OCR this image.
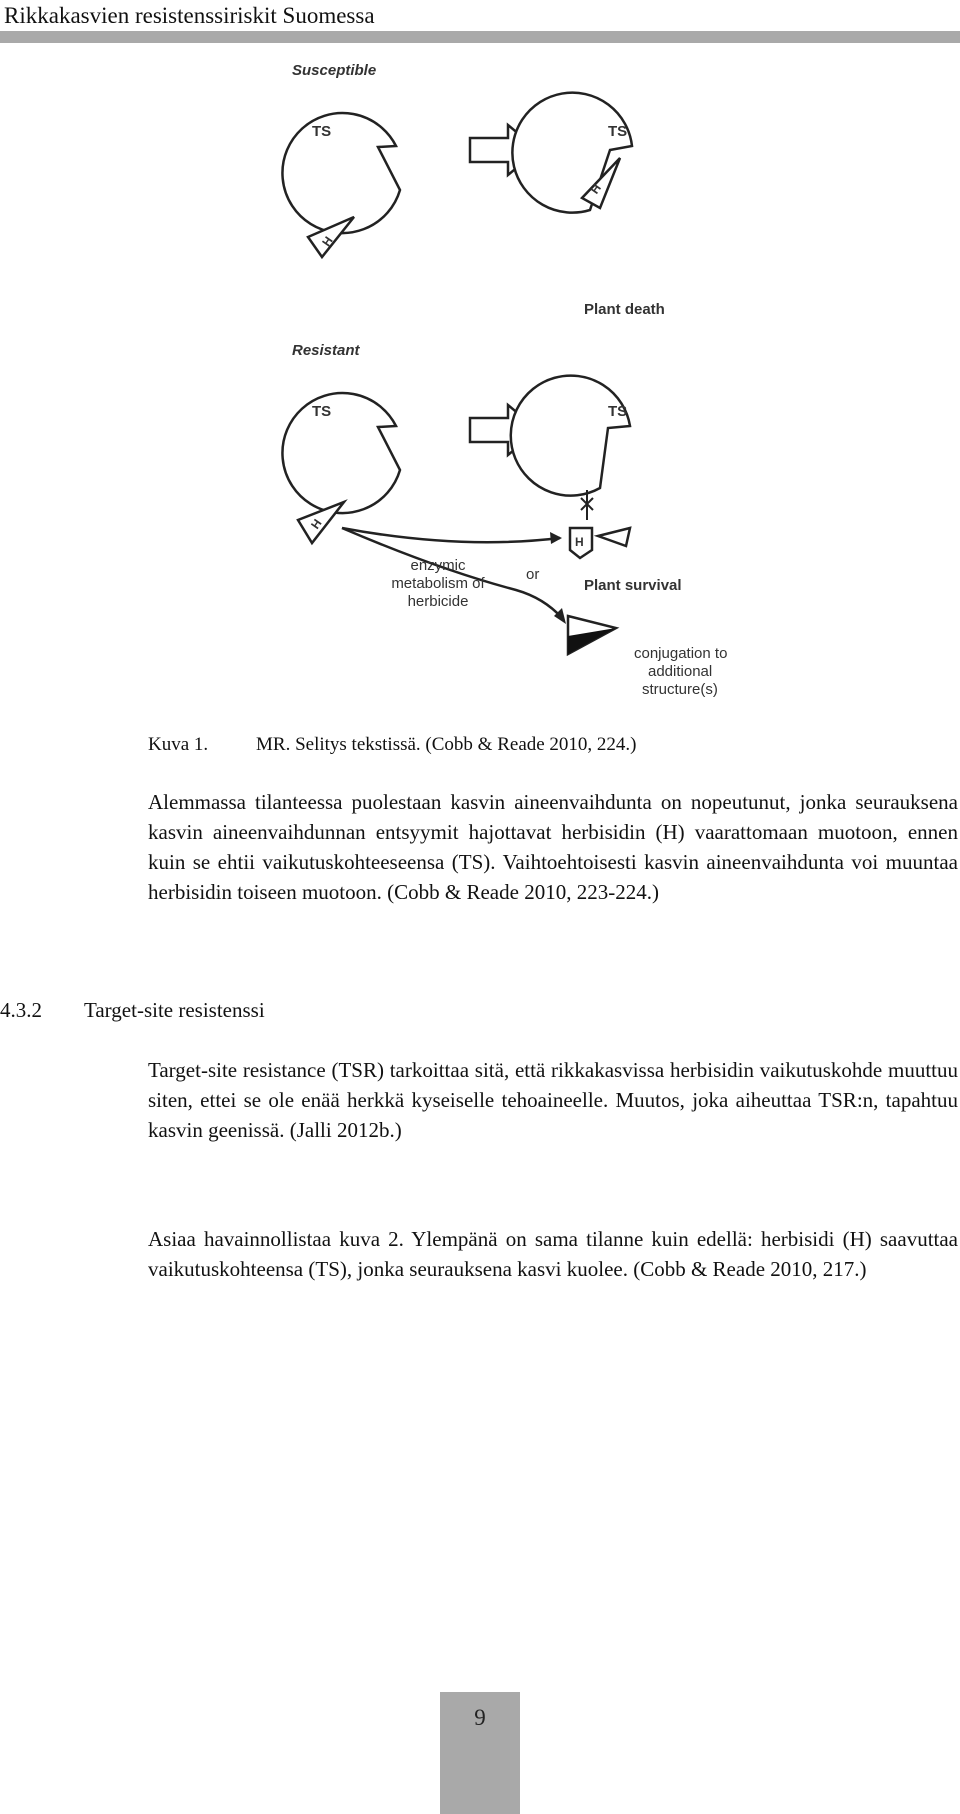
Rikkakasvien resistenssiriskit Suomessa
Susceptible
TS
H
TS
H
Plant death
Resistant
TS	TS
H
H
enzymic
metabolism of
herbicide
or
Plant survival
conjugation to
additional
structure(s)
Kuva 1.	MR. Selitys tekstissä. (Cobb & Reade 2010, 224.)
Alemmassa tilanteessa puolestaan kasvin aineenvaihdunta on nopeutunut, jonka seurauksena kasvin aineenvaihdunnan entsyymit hajottavat herbisidin (H) vaarattomaan muotoon, ennen kuin se ehtii vaikutuskohteeseensa (TS). Vaihtoehtoisesti kasvin aineenvaihdunta voi muuntaa herbisidin toiseen muotoon. (Cobb & Reade 2010, 223-224.)
4.3.2 Target-site resistenssi
Target-site resistance (TSR) tarkoittaa sitä, että rikkakasvissa herbisidin vaikutuskohde muuttuu siten, ettei se ole enää herkkä kyseiselle tehoaineelle. Muutos, joka aiheuttaa TSR:n, tapahtuu kasvin geenissä. (Jalli 2012b.)
Asiaa havainnollistaa kuva 2. Ylempänä on sama tilanne kuin edellä: herbisidi (H) saavuttaa vaikutuskohteensa (TS), jonka seurauksena kasvi kuolee. (Cobb & Reade 2010, 217.)
9
